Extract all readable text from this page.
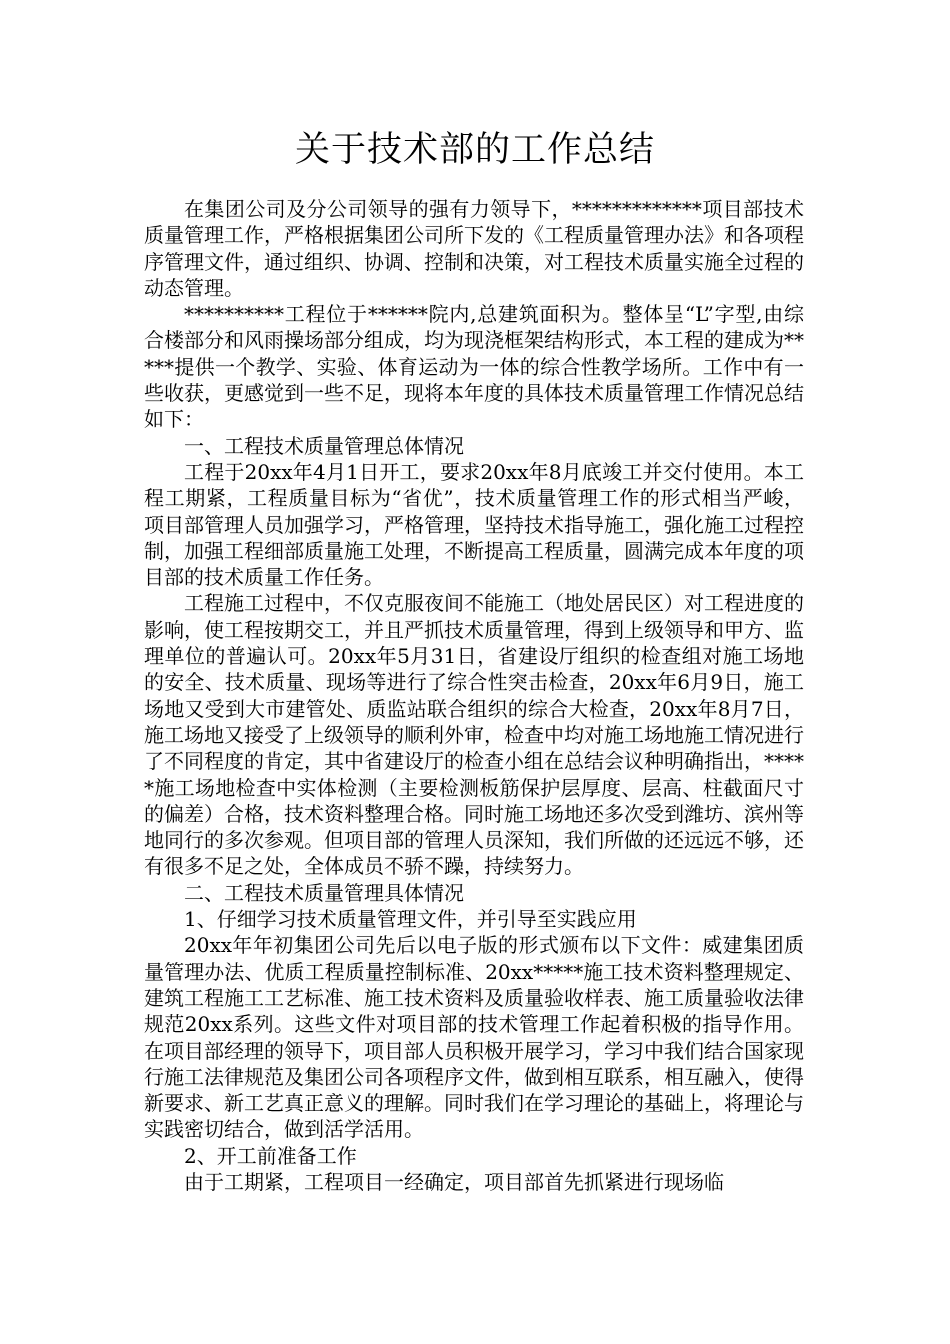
关于技术部的工作总结

在集团公司及分公司领导的强有力领导下，*************项目部技术质量管理工作，严格根据集团公司所下发的《工程质量管理办法》和各项程序管理文件，通过组织、协调、控制和决策，对工程技术质量实施全过程的动态管理。

**********工程位于******院内,总建筑面积为。整体呈“L”字型,由综合楼部分和风雨操场部分组成，均为现浇框架结构形式，本工程的建成为*****提供一个教学、实验、体育运动为一体的综合性教学场所。工作中有一些收获，更感觉到一些不足，现将本年度的具体技术质量管理工作情况总结如下：

一、工程技术质量管理总体情况

工程于20xx年4月1日开工，要求20xx年8月底竣工并交付使用。本工程工期紧，工程质量目标为“省优”，技术质量管理工作的形式相当严峻，项目部管理人员加强学习，严格管理，坚持技术指导施工，强化施工过程控制，加强工程细部质量施工处理，不断提高工程质量，圆满完成本年度的项目部的技术质量工作任务。

工程施工过程中，不仅克服夜间不能施工（地处居民区）对工程进度的影响，使工程按期交工，并且严抓技术质量管理，得到上级领导和甲方、监理单位的普遍认可。20xx年5月31日，省建设厅组织的检查组对施工场地的安全、技术质量、现场等进行了综合性突击检查，20xx年6月9日，施工场地又受到大市建管处、质监站联合组织的综合大检查，20xx年8月7日，施工场地又接受了上级领导的顺利外审，检查中均对施工场地施工情况进行了不同程度的肯定，其中省建设厅的检查小组在总结会议种明确指出，*****施工场地检查中实体检测（主要检测板筋保护层厚度、层高、柱截面尺寸的偏差）合格，技术资料整理合格。同时施工场地还多次受到潍坊、滨州等地同行的多次参观。但项目部的管理人员深知，我们所做的还远远不够，还有很多不足之处，全体成员不骄不躁，持续努力。

二、工程技术质量管理具体情况

1、仔细学习技术质量管理文件，并引导至实践应用

20xx年年初集团公司先后以电子版的形式颁布以下文件：威建集团质量管理办法、优质工程质量控制标准、20xx*****施工技术资料整理规定、建筑工程施工工艺标准、施工技术资料及质量验收样表、施工质量验收法律规范20xx系列。这些文件对项目部的技术管理工作起着积极的指导作用。在项目部经理的领导下，项目部人员积极开展学习，学习中我们结合国家现行施工法律规范及集团公司各项程序文件，做到相互联系，相互融入，使得新要求、新工艺真正意义的理解。同时我们在学习理论的基础上，将理论与实践密切结合，做到活学活用。

2、开工前准备工作

由于工期紧，工程项目一经确定，项目部首先抓紧进行现场临
